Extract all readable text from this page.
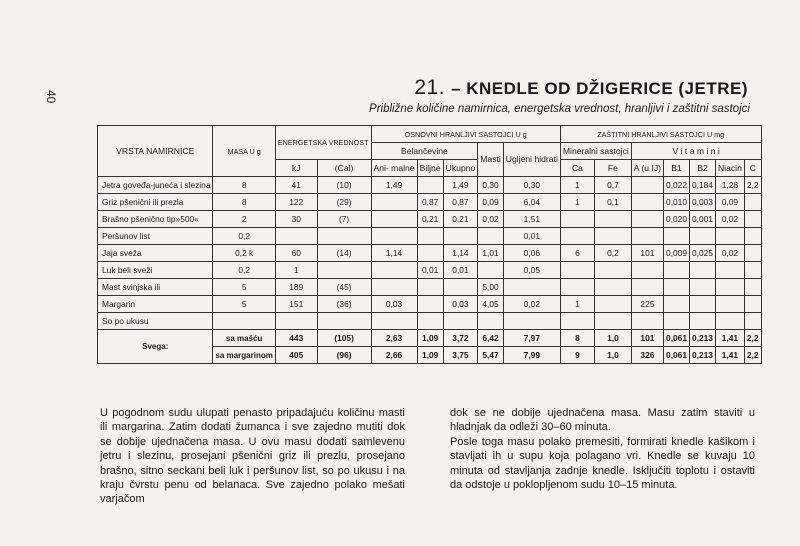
40	21. – KNEDLE OD DŽIGERICE (JETRE)
Približne količine namirnica, energetska vrednost, hranljivi i zaštitni sastojci
VRSTA NAMIRNICE	MASA U g	ENERGETSKA VREDNOST		OSNOVNI HRANLJIVI SASTOJCI U g					ZAŠTITNI HRANLJIVI SASTOJCI U mg						
				Belančevine			Masti	Ugljeni hidrati	Mineralni sastojci		V i t a m i n i				
		kJ	(Cal)	Ani- malne	Biljne	Ukupno			Ca	Fe	A (u IJ)	B1	B2	Niacin	C
Jetra goveđa-juneća i slezina	8	41	(10)	1,49		1,49	0,30	0,30	1	0,7		0,022	0,184	1,28	2,2
Griz pšenični ili prezla	8	122	(29)		0,87	0,87	0,09	6,04	1	0,1		0,010	0,003	0,09	
Brašno pšenično tip»500«	2	30	(7)		0,21	0,21	0,02	1,51				0,020	0,001	0,02	
Peršunov list	0,2							0,01							
Jaja sveža	0,2 k	60	(14)	1,14		1,14	1,01	0,06	6	0,2	101	0,009	0,025	0,02	
Luk beli sveži	0,2	1			0,01	0,01		0,05							
Mast svinjska ili	5	189	(45)				5,00								
Margarin	5	151	(36)	0,03		0,03	4,05	0,02	1		225				
So po ukusu															
Svega:	sa mašću	443	(105)	2,63	1,09	3,72	6,42	7,97	8	1,0	101	0,061	0,213	1,41	2,2
	sa margarinom	405	(96)	2,66	1,09	3,75	5,47	7,99	9	1,0	326	0,061	0,213	1,41	2,2

U pogodnom sudu ulupati penasto pripadajuću količinu masti ili margarina. Zatim dodati žumanca i sve zajedno mutiti dok se dobije ujednačena masa. U ovu masu dodati samlevenu jetru i slezinu, prosejani pšenični griz ili prezlu, prosejano brašno, sitno seckani beli luk i peršunov list, so po ukusu i na kraju čvrstu penu od belanaca. Sve zajedno polako mešati varjačom

dok se ne dobije ujednačena masa. Masu zatim staviti u hladnjak da odleži 30–60 minuta.

Posle toga masu polako premesiti, formirati knedle kašikom i stavljati ih u supu koja polagano vri. Knedle se kuvaju 10 minuta od stavljanja zadnje knedle. Isključiti toplotu i ostaviti da odstoje u poklopljenom sudu 10–15 minuta.
